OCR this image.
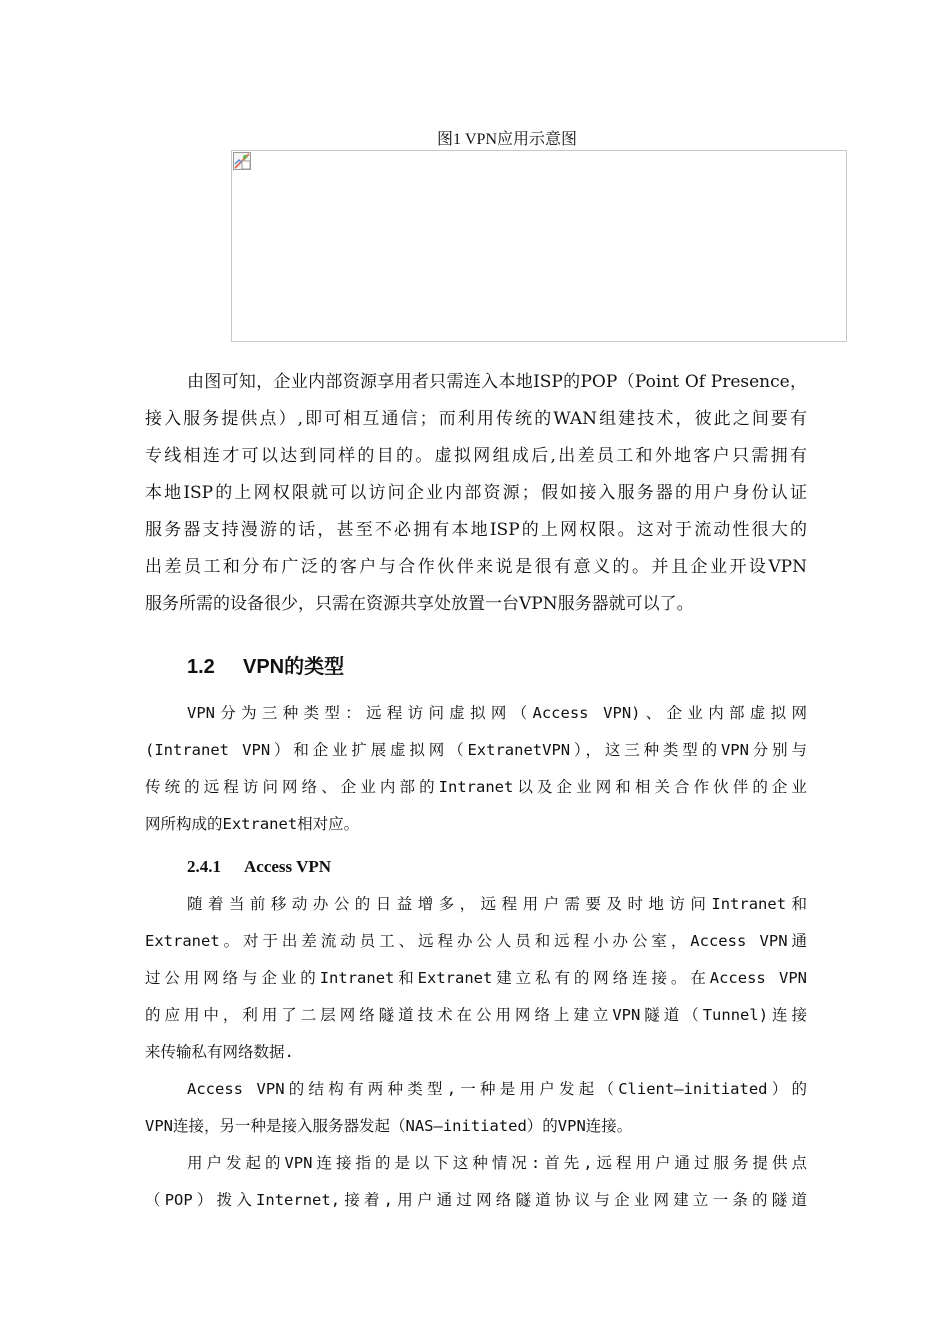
图1 VPN应用示意图
由图可知，企业内部资源享用者只需连入本地ISP的POP（Point Of Presence，
接入服务提供点）,即可相互通信；而利用传统的WAN组建技术，彼此之间要有
专线相连才可以达到同样的目的。虚拟网组成后,出差员工和外地客户只需拥有
本地ISP的上网权限就可以访问企业内部资源；假如接入服务器的用户身份认证
服务器支持漫游的话，甚至不必拥有本地ISP的上网权限。这对于流动性很大的
出差员工和分布广泛的客户与合作伙伴来说是很有意义的。并且企业开设VPN
服务所需的设备很少，只需在资源共享处放置一台VPN服务器就可以了。
1.2 VPN的类型
VPN分为三种类型：远程访问虚拟网（Access VPN)、企业内部虚拟网
(Intranet VPN）和企业扩展虚拟网（ExtranetVPN），这三种类型的VPN分别与
传统的远程访问网络、企业内部的Intranet以及企业网和相关合作伙伴的企业
网所构成的Extranet相对应。
2.4.1 Access VPN
随着当前移动办公的日益增多，远程用户需要及时地访问Intranet和
Extranet。对于出差流动员工、远程办公人员和远程小办公室，Access VPN通
过公用网络与企业的Intranet和Extranet建立私有的网络连接。在Access VPN
的应用中，利用了二层网络隧道技术在公用网络上建立VPN隧道（Tunnel)连接
来传输私有网络数据.
Access VPN的结构有两种类型,一种是用户发起（Client—initiated）的
VPN连接，另一种是接入服务器发起（NAS—initiated）的VPN连接。
用户发起的VPN连接指的是以下这种情况:首先,远程用户通过服务提供点
（POP）拨入Internet,接着,用户通过网络隧道协议与企业网建立一条的隧道
